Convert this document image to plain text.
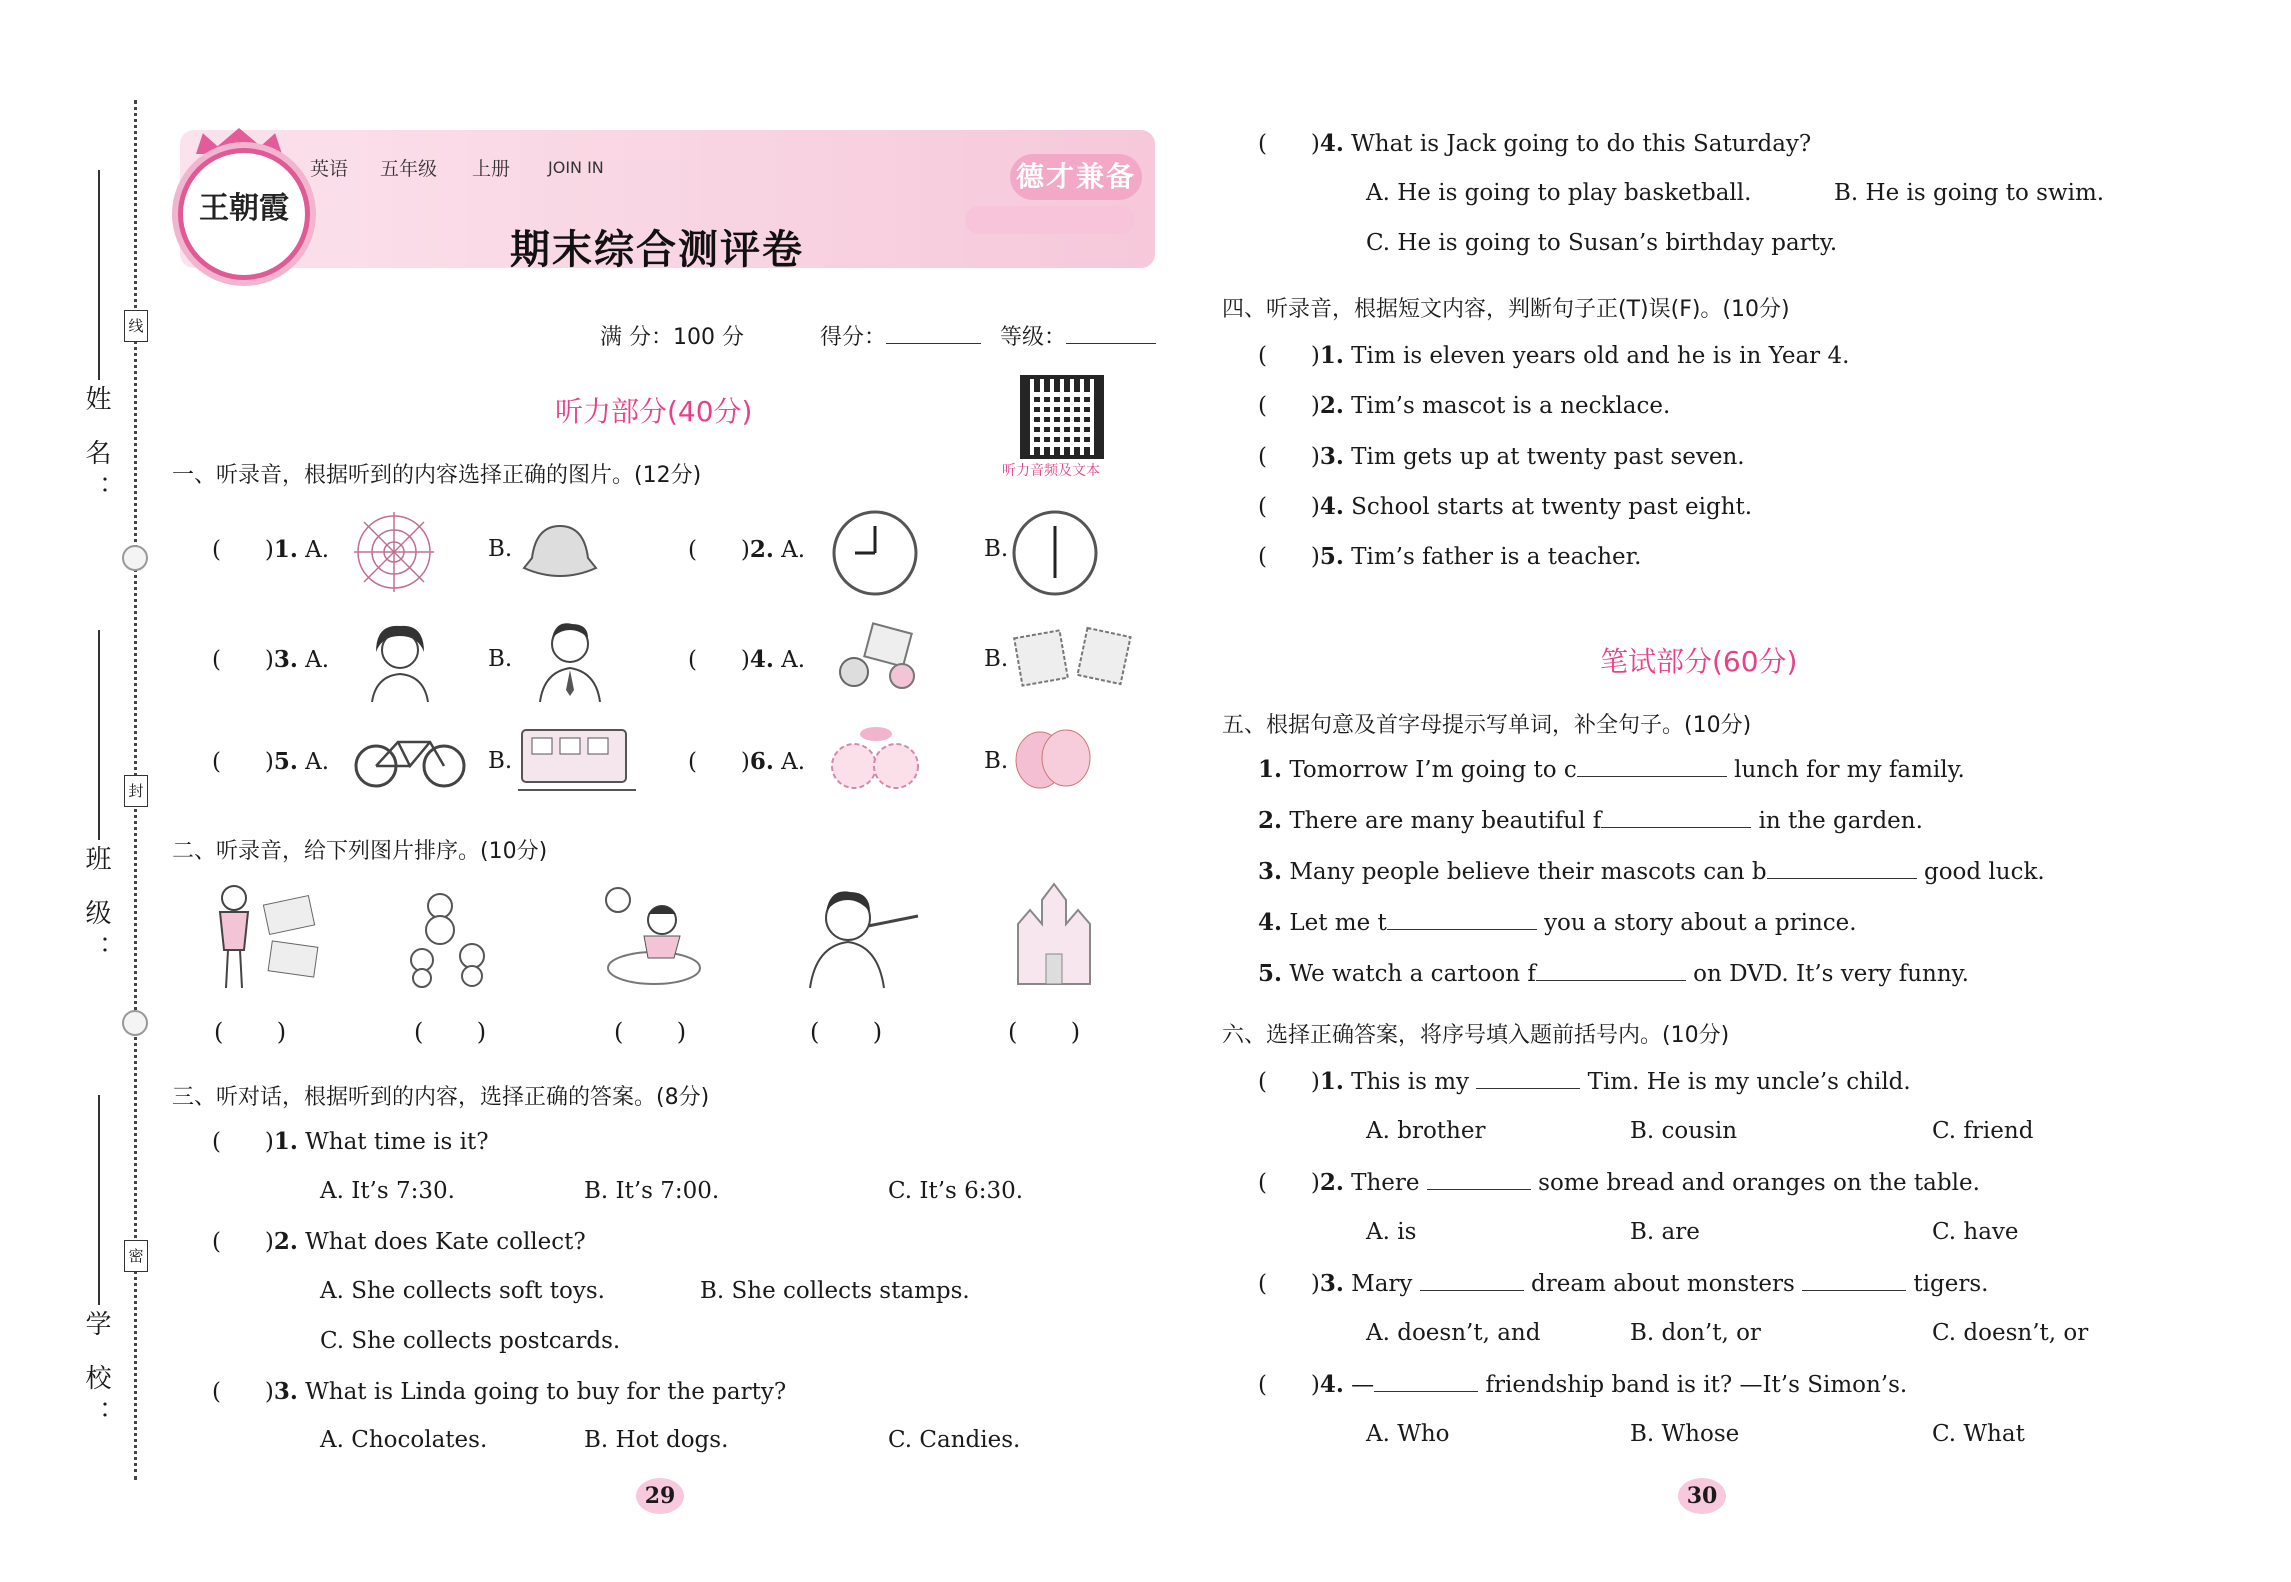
姓 名：
班 级：
学 校：
线
封
密
王朝霞
英语 五年级 上册 JOIN IN
期末综合测评卷
德才兼备
满 分：100 分	得分：	等级：
听力部分(40分)
听力音频及文本
一、听录音，根据听到的内容选择正确的图片。(12分)
(      )1. A.	B.	(      )2. A.	B.
(      )3. A.	B.	(      )4. A.	B.
(      )5. A.	B.	(      )6. A.	B.
二、听录音，给下列图片排序。(10分)
(       )	(       )	(       )	(       )	(       )
三、听对话，根据听到的内容，选择正确的答案。(8分)
(      )1. What time is it?
A. It’s 7:30.	B. It’s 7:00.	C. It’s 6:30.
(      )2. What does Kate collect?
A. She collects soft toys.	B. She collects stamps.
C. She collects postcards.
(      )3. What is Linda going to buy for the party?
A. Chocolates.	B. Hot dogs.	C. Candies.
29
(      )4. What is Jack going to do this Saturday?
A. He is going to play basketball.	B. He is going to swim.
C. He is going to Susan’s birthday party.
四、听录音，根据短文内容，判断句子正(T)误(F)。(10分)
(      )1. Tim is eleven years old and he is in Year 4.
(      )2. Tim’s mascot is a necklace.
(      )3. Tim gets up at twenty past seven.
(      )4. School starts at twenty past eight.
(      )5. Tim’s father is a teacher.
笔试部分(60分)
五、根据句意及首字母提示写单词，补全句子。(10分)
1. Tomorrow I’m going to c	lunch for my family.
2. There are many beautiful f	in the garden.
3. Many people believe their mascots can b	good luck.
4. Let me t	you a story about a prince.
5. We watch a cartoon f	on DVD. It’s very funny.
六、选择正确答案，将序号填入题前括号内。(10分)
(      )1. This is my	Tim. He is my uncle’s child.
A. brother	B. cousin	C. friend
(      )2. There	some bread and oranges on the table.
A. is	B. are	C. have
(      )3. Mary	dream about monsters	tigers.
A. doesn’t, and	B. don’t, or	C. doesn’t, or
(      )4. —	friendship band is it? —It’s Simon’s.
A. Who	B. Whose	C. What
30
